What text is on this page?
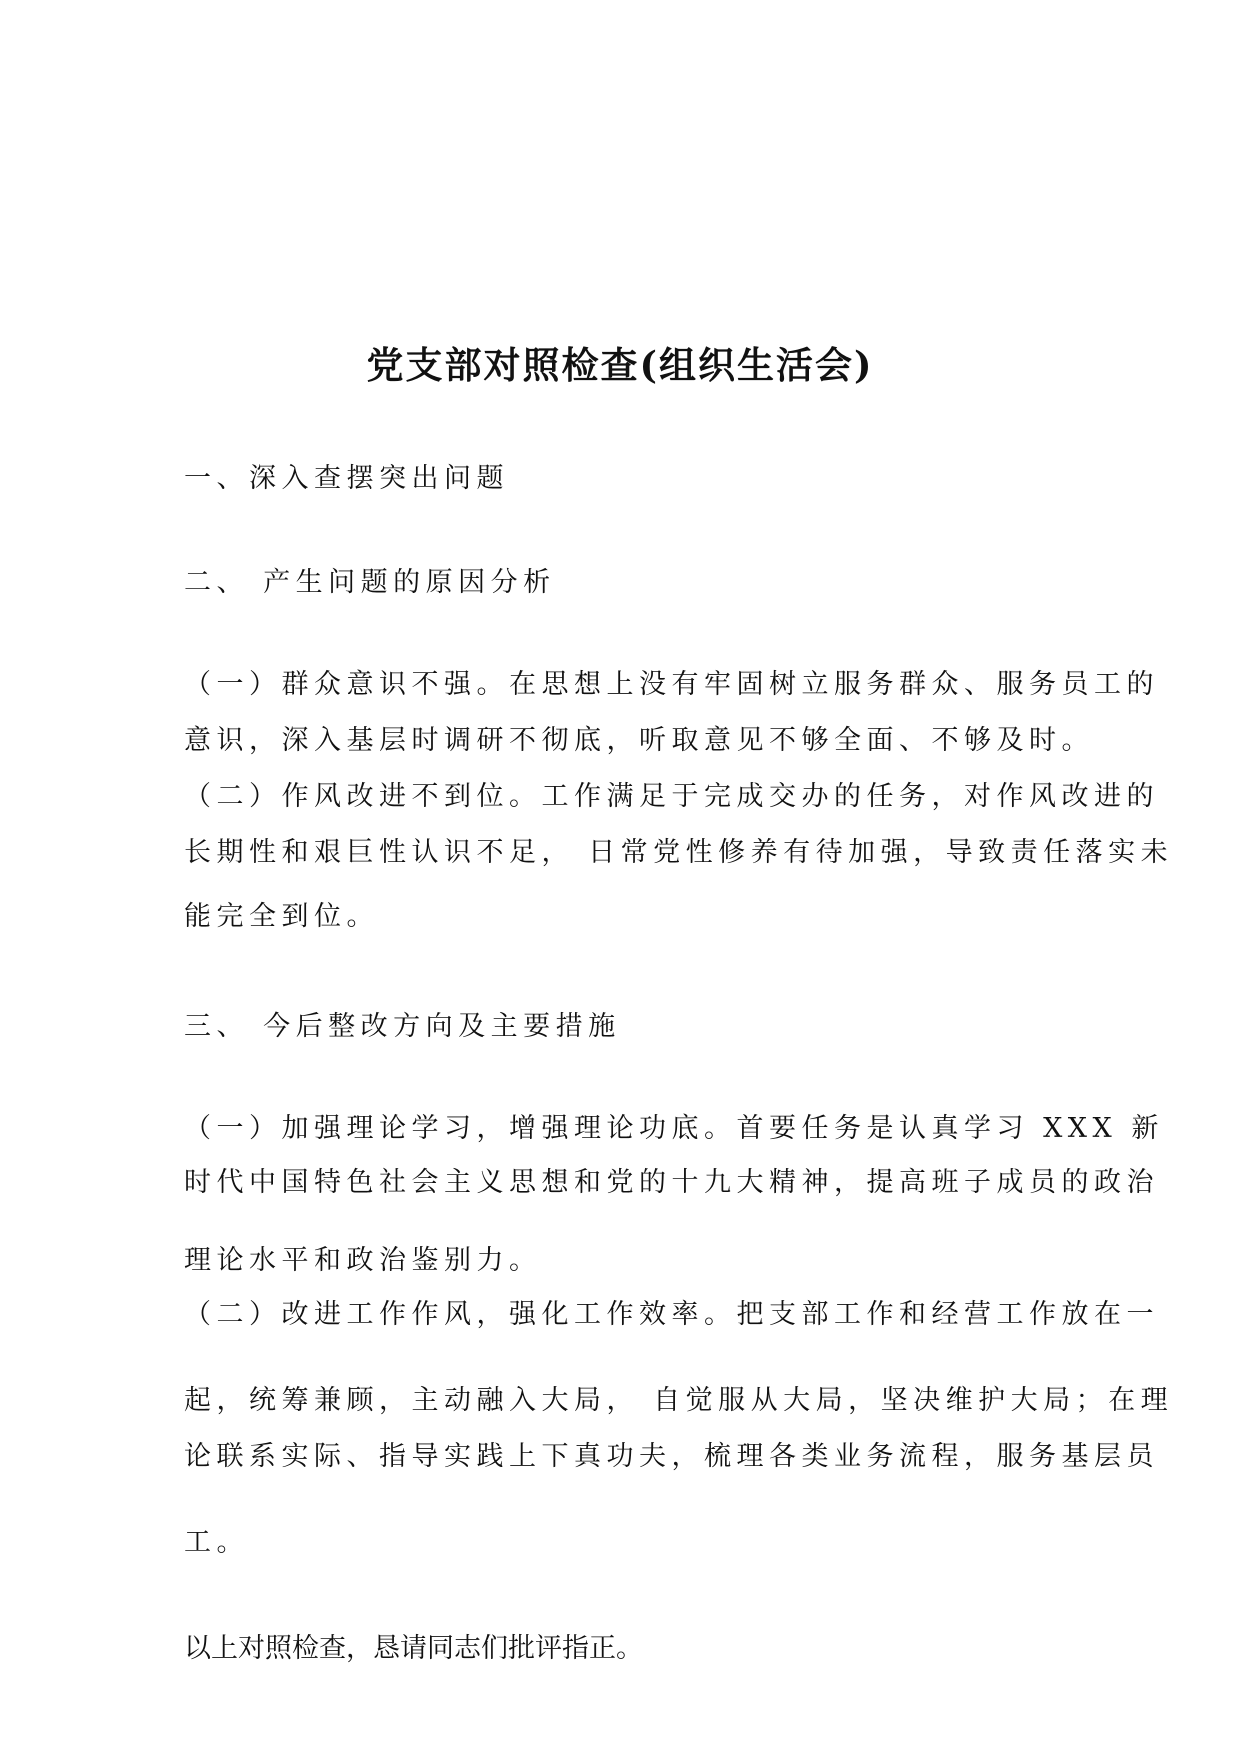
党支部对照检查(组织生活会)
一、深入查摆突出问题
二、 产生问题的原因分析
（一）群众意识不强。在思想上没有牢固树立服务群众、服务员工的
意识，深入基层时调研不彻底，听取意见不够全面、不够及时。
（二）作风改进不到位。工作满足于完成交办的任务，对作风改进的
长期性和艰巨性认识不足， 日常党性修养有待加强，导致责任落实未
能完全到位。
三、 今后整改方向及主要措施
（一）加强理论学习，增强理论功底。首要任务是认真学习 XXX 新
时代中国特色社会主义思想和党的十九大精神，提高班子成员的政治
理论水平和政治鉴别力。
（二）改进工作作风，强化工作效率。把支部工作和经营工作放在一
起，统筹兼顾，主动融入大局， 自觉服从大局，坚决维护大局；在理
论联系实际、指导实践上下真功夫，梳理各类业务流程，服务基层员
工。
以上对照检查，恳请同志们批评指正。
